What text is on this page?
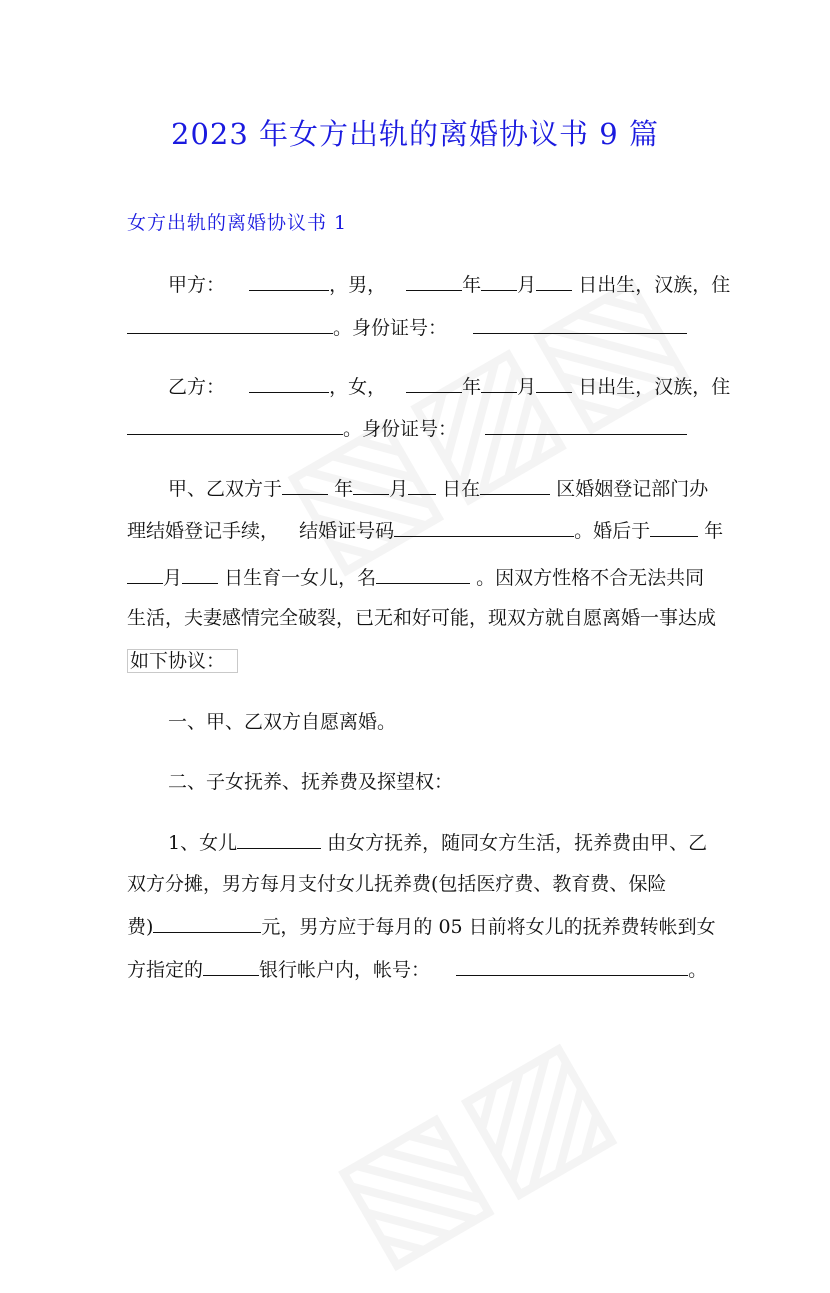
2023 年女方出轨的离婚协议书 9 篇
女方出轨的离婚协议书 1
甲方：	，男，	年 月 日出生，汉族，住
。身份证号：
乙方：	，女，	年 月 日出生，汉族，住
。身份证号：
甲、乙双方于	年 月 日在	区婚姻登记部门办
理结婚登记手续， 结婚证号码	。婚后于	年
月 日生育一女儿，名	。因双方性格不合无法共同
生活，夫妻感情完全破裂，已无和好可能，现双方就自愿离婚一事达成
如下协议：
一、甲、乙双方自愿离婚。
二、子女抚养、抚养费及探望权：
1、女儿	由女方抚养，随同女方生活，抚养费由甲、乙
双方分摊，男方每月支付女儿抚养费(包括医疗费、教育费、保险
费)	元，男方应于每月的 05 日前将女儿的抚养费转帐到女
方指定的	银行帐户内，帐号：	。
